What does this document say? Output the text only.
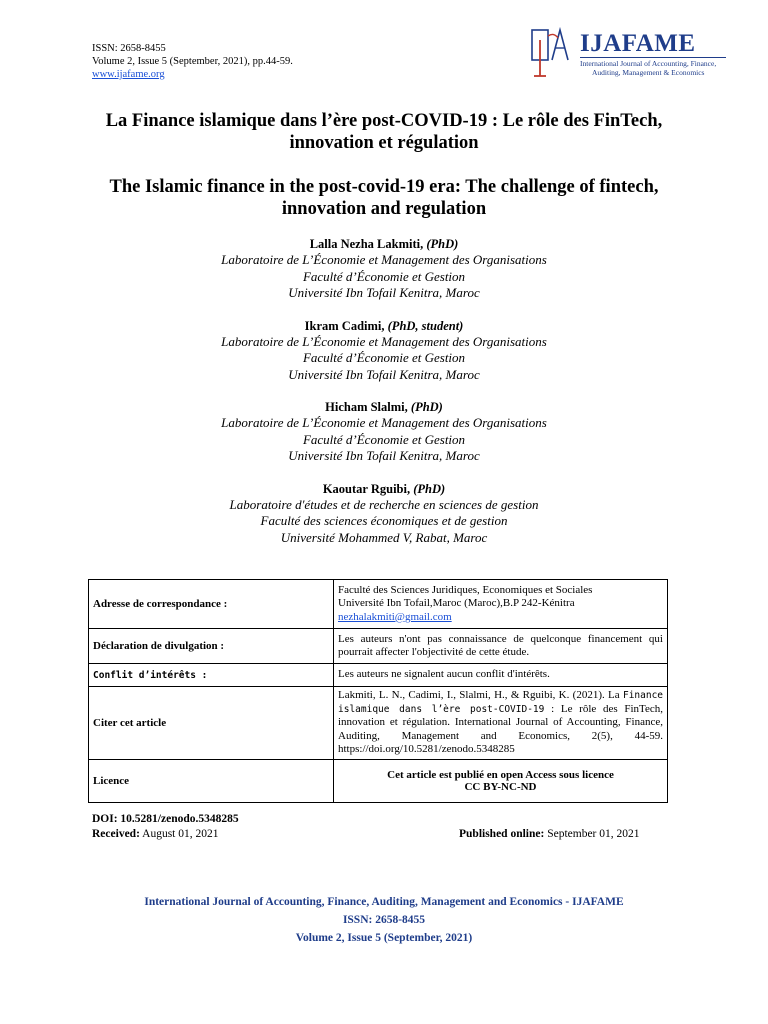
ISSN: 2658-8455
Volume 2, Issue 5 (September, 2021), pp.44-59.
www.ijafame.org
IJAFAME
International Journal of Accounting, Finance,
Auditing, Management & Economics
La Finance islamique dans l’ère post-COVID-19 : Le rôle des FinTech, innovation et régulation
The Islamic finance in the post-covid-19 era: The challenge of fintech, innovation and regulation
Lalla Nezha Lakmiti, (PhD)
Laboratoire de L’Économie et Management des Organisations
Faculté d’Économie et Gestion
Université Ibn Tofail Kenitra, Maroc
Ikram Cadimi, (PhD, student)
Laboratoire de L’Économie et Management des Organisations
Faculté d’Économie et Gestion
Université Ibn Tofail Kenitra, Maroc
Hicham Slalmi, (PhD)
Laboratoire de L’Économie et Management des Organisations
Faculté d’Économie et Gestion
Université Ibn Tofail Kenitra, Maroc
Kaoutar Rguibi, (PhD)
Laboratoire d'études et de recherche en sciences de gestion
Faculté des sciences économiques et de gestion
Université Mohammed V, Rabat, Maroc
Adresse de correspondance :	Faculté des Sciences Juridiques, Economiques et Sociales
Université Ibn Tofail,Maroc (Maroc),B.P 242-Kénitra
nezhalakmiti@gmail.com

Déclaration de divulgation :	Les auteurs n'ont pas connaissance de quelconque financement qui pourrait affecter l'objectivité de cette étude.
Conflit d’intérêts :	Les auteurs ne signalent aucun conflit d'intérêts.
Citer cet article	Lakmiti, L. N., Cadimi, I., Slalmi, H., & Rguibi, K. (2021). La Finance islamique dans l’ère post-COVID-19 : Le rôle des FinTech, innovation et régulation. International Journal of Accounting, Finance, Auditing, Management and Economics, 2(5), 44-59. https://doi.org/10.5281/zenodo.5348285
Licence	Cet article est publié en open Access sous licence
CC BY-NC-ND
DOI: 10.5281/zenodo.5348285
Received: August 01, 2021	Published online: September 01, 2021
International Journal of Accounting, Finance, Auditing, Management and Economics - IJAFAME
ISSN: 2658-8455
Volume 2, Issue 5 (September, 2021)
